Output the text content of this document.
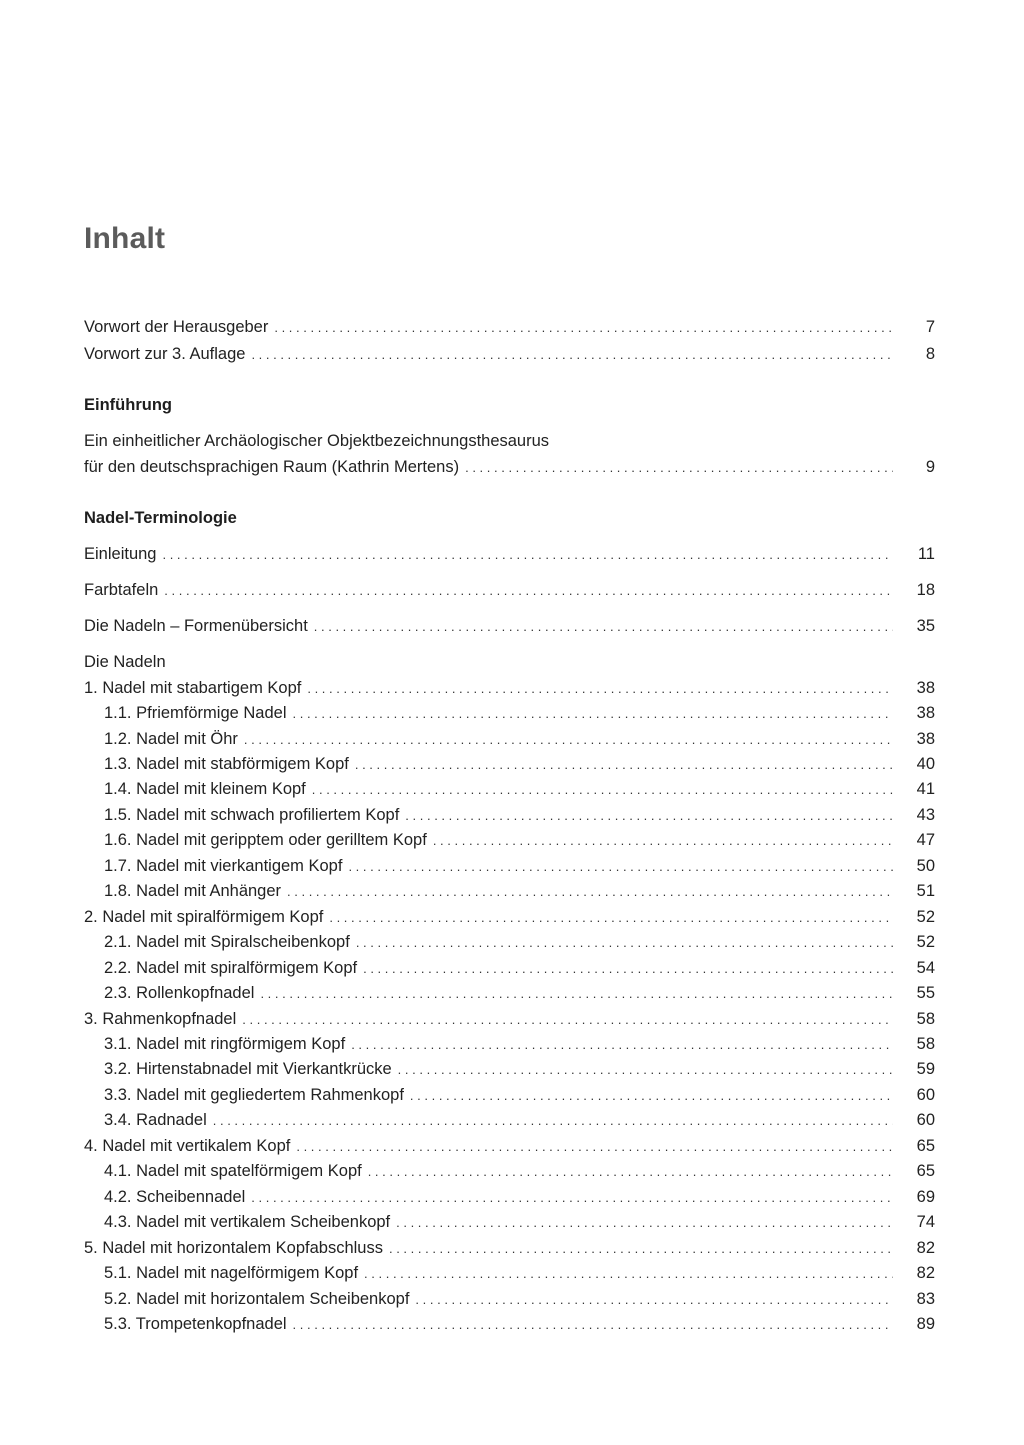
Inhalt
Vorwort der Herausgeber . . .	7
Vorwort zur 3. Auflage . . .	8
Einführung
Ein einheitlicher Archäologischer Objektbezeichnungsthesaurus
für den deutschsprachigen Raum (Kathrin Mertens) . . .	9
Nadel-Terminologie
Einleitung . . .	11
Farbtafeln . . .	18
Die Nadeln – Formenübersicht . . .	35
Die Nadeln
1. Nadel mit stabartigem Kopf . . .	38
1.1. Pfriemförmige Nadel . . .	38
1.2. Nadel mit Öhr . . .	38
1.3. Nadel mit stabförmigem Kopf . . .	40
1.4. Nadel mit kleinem Kopf . . .	41
1.5. Nadel mit schwach profiliertem Kopf . . .	43
1.6. Nadel mit geripptem oder gerilltem Kopf . . .	47
1.7. Nadel mit vierkantigem Kopf . . .	50
1.8. Nadel mit Anhänger . . .	51
2. Nadel mit spiralförmigem Kopf . . .	52
2.1. Nadel mit Spiralscheibenkopf . . .	52
2.2. Nadel mit spiralförmigem Kopf . . .	54
2.3. Rollenkopfnadel . . .	55
3. Rahmenkopfnadel . . .	58
3.1. Nadel mit ringförmigem Kopf . . .	58
3.2. Hirtenstabnadel mit Vierkantkrücke . . .	59
3.3. Nadel mit gegliedertem Rahmenkopf . . .	60
3.4. Radnadel . . .	60
4. Nadel mit vertikalem Kopf . . .	65
4.1. Nadel mit spatelförmigem Kopf . . .	65
4.2. Scheibennadel . . .	69
4.3. Nadel mit vertikalem Scheibenkopf . . .	74
5. Nadel mit horizontalem Kopfabschluss . . .	82
5.1. Nadel mit nagelförmigem Kopf . . .	82
5.2. Nadel mit horizontalem Scheibenkopf . . .	83
5.3. Trompetenkopfnadel . . .	89
